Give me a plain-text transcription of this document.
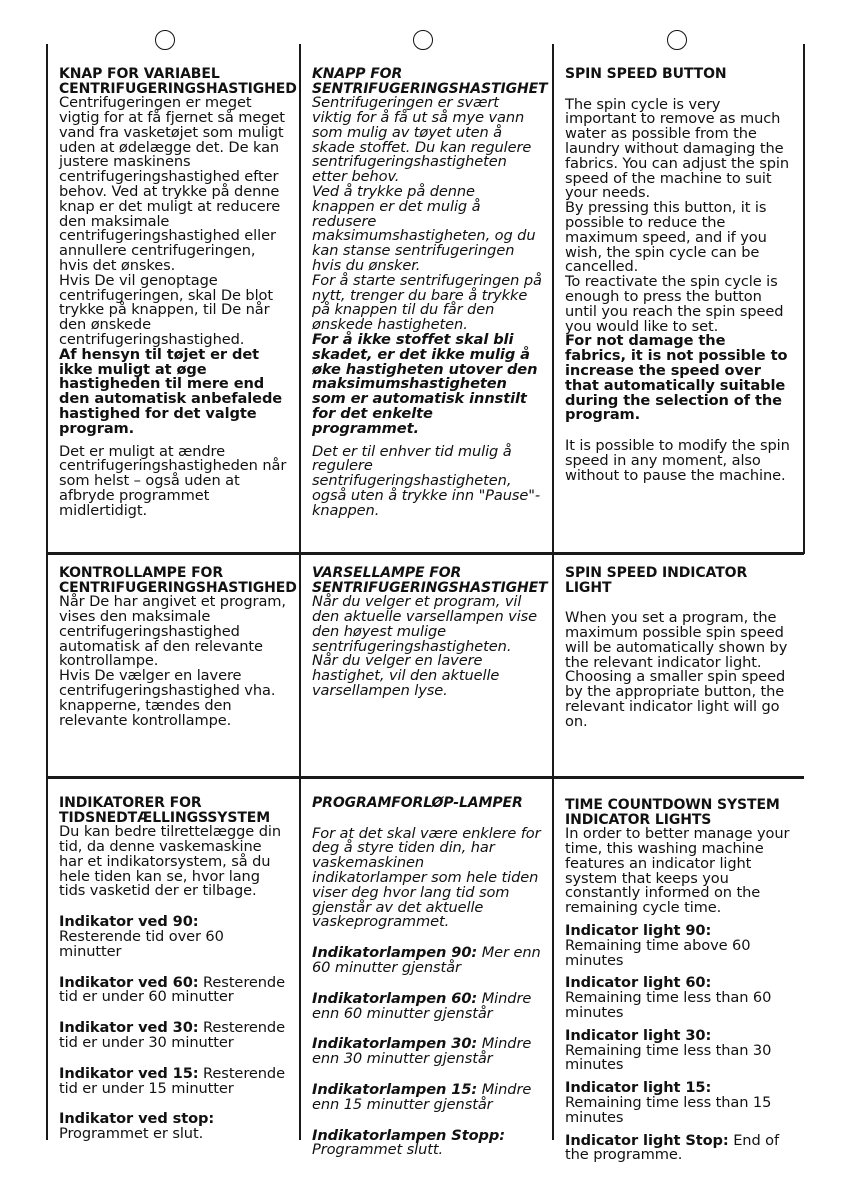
KNAP FOR VARIABEL CENTRIFUGERINGSHASTIGHED

Centrifugeringen er meget vigtig for at få fjernet så meget vand fra vasketøjet som muligt uden at ødelægge det. De kan justere maskinens centrifugeringshastighed efter behov. Ved at trykke på denne knap er det muligt at reducere den maksimale centrifugeringshastighed eller annullere centrifugeringen, hvis det ønskes.

Hvis De vil genoptage centrifugeringen, skal De blot trykke på knappen, til De når den ønskede centrifugeringshastighed.

Af hensyn til tøjet er det ikke muligt at øge hastigheden til mere end den automatisk anbefalede hastighed for det valgte program.

Det er muligt at ændre centrifugeringshastigheden når som helst – også uden at afbryde programmet midlertidigt.

KNAPP FOR SENTRIFUGERINGSHASTIGHET

Sentrifugeringen er svært viktig for å få ut så mye vann som mulig av tøyet uten å skade stoffet. Du kan regulere sentrifugeringshastigheten etter behov.

Ved å trykke på denne knappen er det mulig å redusere maksimumshastigheten, og du kan stanse sentrifugeringen hvis du ønsker.

For å starte sentrifugeringen på nytt, trenger du bare å trykke på knappen til du får den ønskede hastigheten.

For å ikke stoffet skal bli skadet, er det ikke mulig å øke hastigheten utover den maksimumshastigheten som er automatisk innstilt for det enkelte programmet.

Det er til enhver tid mulig å regulere sentrifugeringshastigheten, også uten å trykke inn "Pause"-knappen.

SPIN SPEED BUTTON

The spin cycle is very important to remove as much water as possible from the laundry without damaging the fabrics. You can adjust the spin speed of the machine to suit your needs.

By pressing this button, it is possible to reduce the maximum speed, and if you wish, the spin cycle can be cancelled.

To reactivate the spin cycle is enough to press the button until you reach the spin speed you would like to set.

For not damage the fabrics, it is not possible to increase the speed over that automatically suitable during the selection of the program.

It is possible to modify the spin speed in any moment, also without to pause the machine.

KONTROLLAMPE FOR CENTRIFUGERINGSHASTIGHED

Når De har angivet et program, vises den maksimale centrifugeringshastighed automatisk af den relevante kontrollampe.

Hvis De vælger en lavere centrifugeringshastighed vha. knapperne, tændes den relevante kontrollampe.

VARSELLAMPE FOR SENTRIFUGERINGSHASTIGHET

Når du velger et program, vil den aktuelle varsellampen vise den høyest mulige sentrifugeringshastigheten.

Når du velger en lavere hastighet, vil den aktuelle varsellampen lyse.

SPIN SPEED INDICATOR LIGHT

When you set a program, the maximum possible spin speed will be automatically shown by the relevant indicator light.

Choosing a smaller spin speed by the appropriate button, the relevant indicator light will go on.

INDIKATORER FOR TIDSNEDTÆLLINGSSYSTEM

Du kan bedre tilrettelægge din tid, da denne vaskemaskine har et indikatorsystem, så du hele tiden kan se, hvor lang tids vasketid der er tilbage.

Indikator ved 90:
Resterende tid over 60 minutter

Indikator ved 60: Resterende tid er under 60 minutter

Indikator ved 30: Resterende tid er under 30 minutter

Indikator ved 15: Resterende tid er under 15 minutter

Indikator ved stop:
Programmet er slut.

PROGRAMFORLØP-LAMPER

For at det skal være enklere for deg å styre tiden din, har vaskemaskinen indikatorlamper som hele tiden viser deg hvor lang tid som gjenstår av det aktuelle vaskeprogrammet.

Indikatorlampen 90: Mer enn 60 minutter gjenstår

Indikatorlampen 60: Mindre enn 60 minutter gjenstår

Indikatorlampen 30: Mindre enn 30 minutter gjenstår

Indikatorlampen 15: Mindre enn 15 minutter gjenstår

Indikatorlampen Stopp:
Programmet slutt.

TIME COUNTDOWN SYSTEM INDICATOR LIGHTS

In order to better manage your time, this washing machine features an indicator light system that keeps you constantly informed on the remaining cycle time.

Indicator light 90: Remaining time above 60 minutes

Indicator light 60: Remaining time less than 60 minutes

Indicator light 30: Remaining time less than 30 minutes

Indicator light 15: Remaining time less than 15 minutes

Indicator light Stop: End of the programme.
